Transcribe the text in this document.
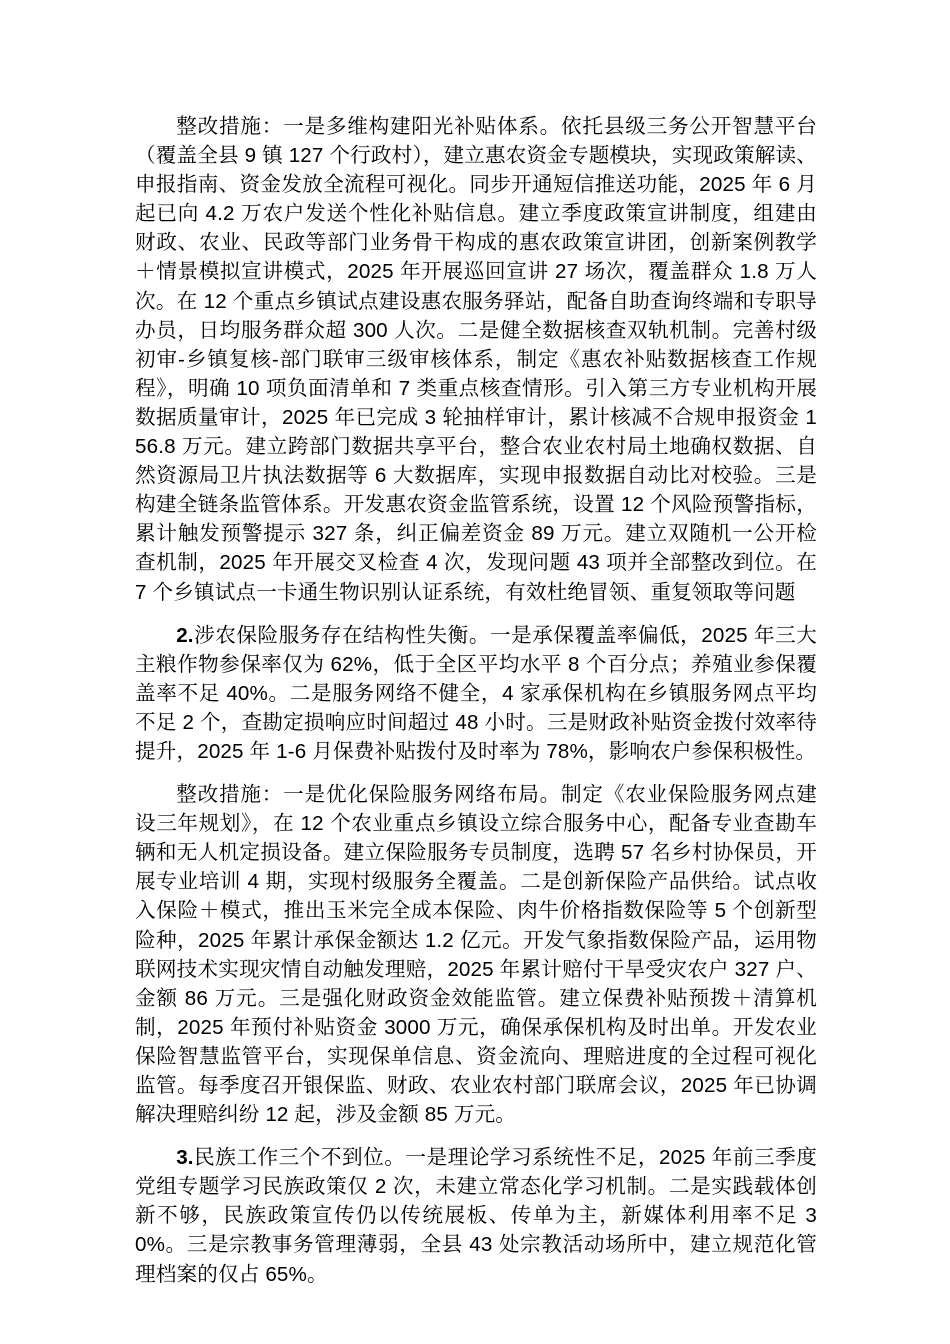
整改措施：一是多维构建阳光补贴体系。依托县级三务公开智慧平台（覆盖全县 9 镇 127 个行政村），建立惠农资金专题模块，实现政策解读、申报指南、资金发放全流程可视化。同步开通短信推送功能，2025 年 6 月起已向 4.2 万农户发送个性化补贴信息。建立季度政策宣讲制度，组建由财政、农业、民政等部门业务骨干构成的惠农政策宣讲团，创新案例教学＋情景模拟宣讲模式，2025 年开展巡回宣讲 27 场次，覆盖群众 1.8 万人次。在 12 个重点乡镇试点建设惠农服务驿站，配备自助查询终端和专职导办员，日均服务群众超 300 人次。二是健全数据核查双轨机制。完善村级初审-乡镇复核-部门联审三级审核体系，制定《惠农补贴数据核查工作规程》，明确 10 项负面清单和 7 类重点核查情形。引入第三方专业机构开展数据质量审计，2025 年已完成 3 轮抽样审计，累计核减不合规申报资金 156.8 万元。建立跨部门数据共享平台，整合农业农村局土地确权数据、自然资源局卫片执法数据等 6 大数据库，实现申报数据自动比对校验。三是构建全链条监管体系。开发惠农资金监管系统，设置 12 个风险预警指标，累计触发预警提示 327 条，纠正偏差资金 89 万元。建立双随机一公开检查机制，2025 年开展交叉检查 4 次，发现问题 43 项并全部整改到位。在 7 个乡镇试点一卡通生物识别认证系统，有效杜绝冒领、重复领取等问题

2.涉农保险服务存在结构性失衡。一是承保覆盖率偏低，2025 年三大主粮作物参保率仅为 62%，低于全区平均水平 8 个百分点；养殖业参保覆盖率不足 40%。二是服务网络不健全，4 家承保机构在乡镇服务网点平均不足 2 个，查勘定损响应时间超过 48 小时。三是财政补贴资金拨付效率待提升，2025 年 1-6 月保费补贴拨付及时率为 78%，影响农户参保积极性。

整改措施：一是优化保险服务网络布局。制定《农业保险服务网点建设三年规划》，在 12 个农业重点乡镇设立综合服务中心，配备专业查勘车辆和无人机定损设备。建立保险服务专员制度，选聘 57 名乡村协保员，开展专业培训 4 期，实现村级服务全覆盖。二是创新保险产品供给。试点收入保险＋模式，推出玉米完全成本保险、肉牛价格指数保险等 5 个创新型险种，2025 年累计承保金额达 1.2 亿元。开发气象指数保险产品，运用物联网技术实现灾情自动触发理赔，2025 年累计赔付干旱受灾农户 327 户、金额 86 万元。三是强化财政资金效能监管。建立保费补贴预拨＋清算机制，2025 年预付补贴资金 3000 万元，确保承保机构及时出单。开发农业保险智慧监管平台，实现保单信息、资金流向、理赔进度的全过程可视化监管。每季度召开银保监、财政、农业农村部门联席会议，2025 年已协调解决理赔纠纷 12 起，涉及金额 85 万元。

3.民族工作三个不到位。一是理论学习系统性不足，2025 年前三季度党组专题学习民族政策仅 2 次，未建立常态化学习机制。二是实践载体创新不够，民族政策宣传仍以传统展板、传单为主，新媒体利用率不足 30%。三是宗教事务管理薄弱，全县 43 处宗教活动场所中，建立规范化管理档案的仅占 65%。
